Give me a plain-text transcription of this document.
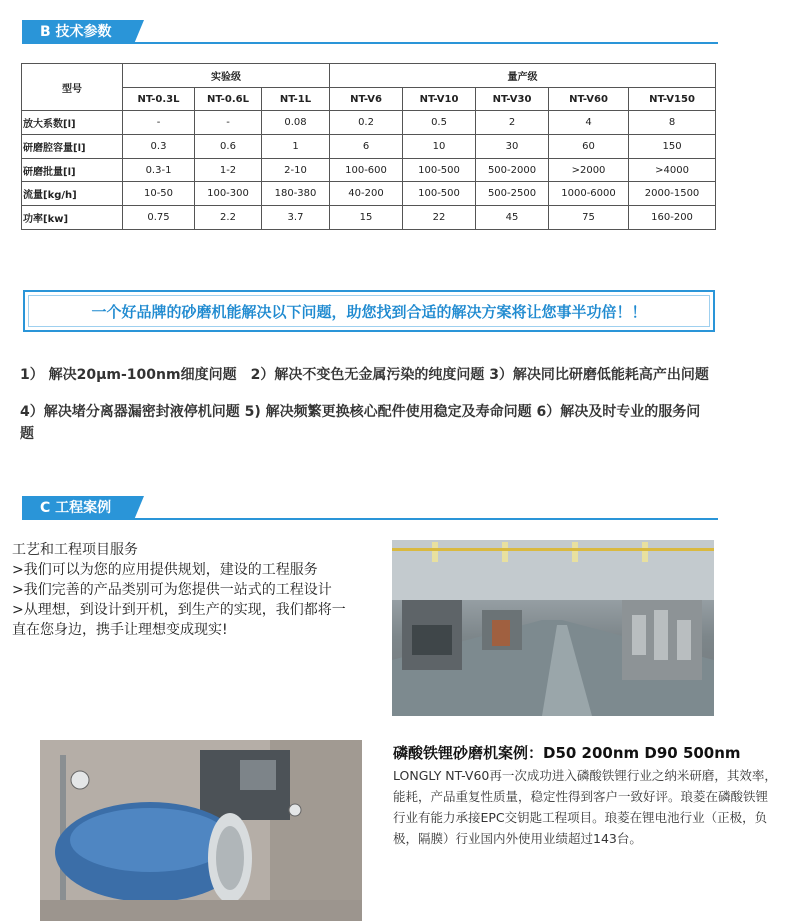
B 技术参数
型号	实验级			量产级				
	NT-0.3L	NT-0.6L	NT-1L	NT-V6	NT-V10	NT-V30	NT-V60	NT-V150
放大系数[l]	-	-	0.08	0.2	0.5	2	4	8
研磨腔容量[l]	0.3	0.6	1	6	10	30	60	150
研磨批量[l]	0.3-1	1-2	2-10	100-600	100-500	500-2000	>2000	>4000
流量[kg/h]	10-50	100-300	180-380	40-200	100-500	500-2500	1000-6000	2000-1500
功率[kw]	0.75	2.2	3.7	15	22	45	75	160-200
一个好品牌的砂磨机能解决以下问题，助您找到合适的解决方案将让您事半功倍！！
1） 解决20μm-100nm细度问题　2）解决不变色无金属污染的纯度问题 3）解决同比研磨低能耗高产出问题
4）解决堵分离器漏密封液停机问题 5) 解决频繁更换核心配件使用稳定及寿命问题 6）解决及时专业的服务问
题
C 工程案例
工艺和工程项目服务
>我们可以为您的应用提供规划，建设的工程服务
>我们完善的产品类别可为您提供一站式的工程设计
>从理想，到设计到开机，到生产的实现，我们都将一
直在您身边，携手让理想变成现实!
磷酸铁锂砂磨机案例：D50 200nm D90 500nm
LONGLY NT-V60再一次成功进入磷酸铁锂行业之纳米研磨，其效率，能耗，产品重复性质量，稳定性得到客户一致好评。琅菱在磷酸铁锂行业有能力承接EPC交钥匙工程项目。琅菱在锂电池行业（正极，负极，隔膜）行业国内外使用业绩超过143台。
